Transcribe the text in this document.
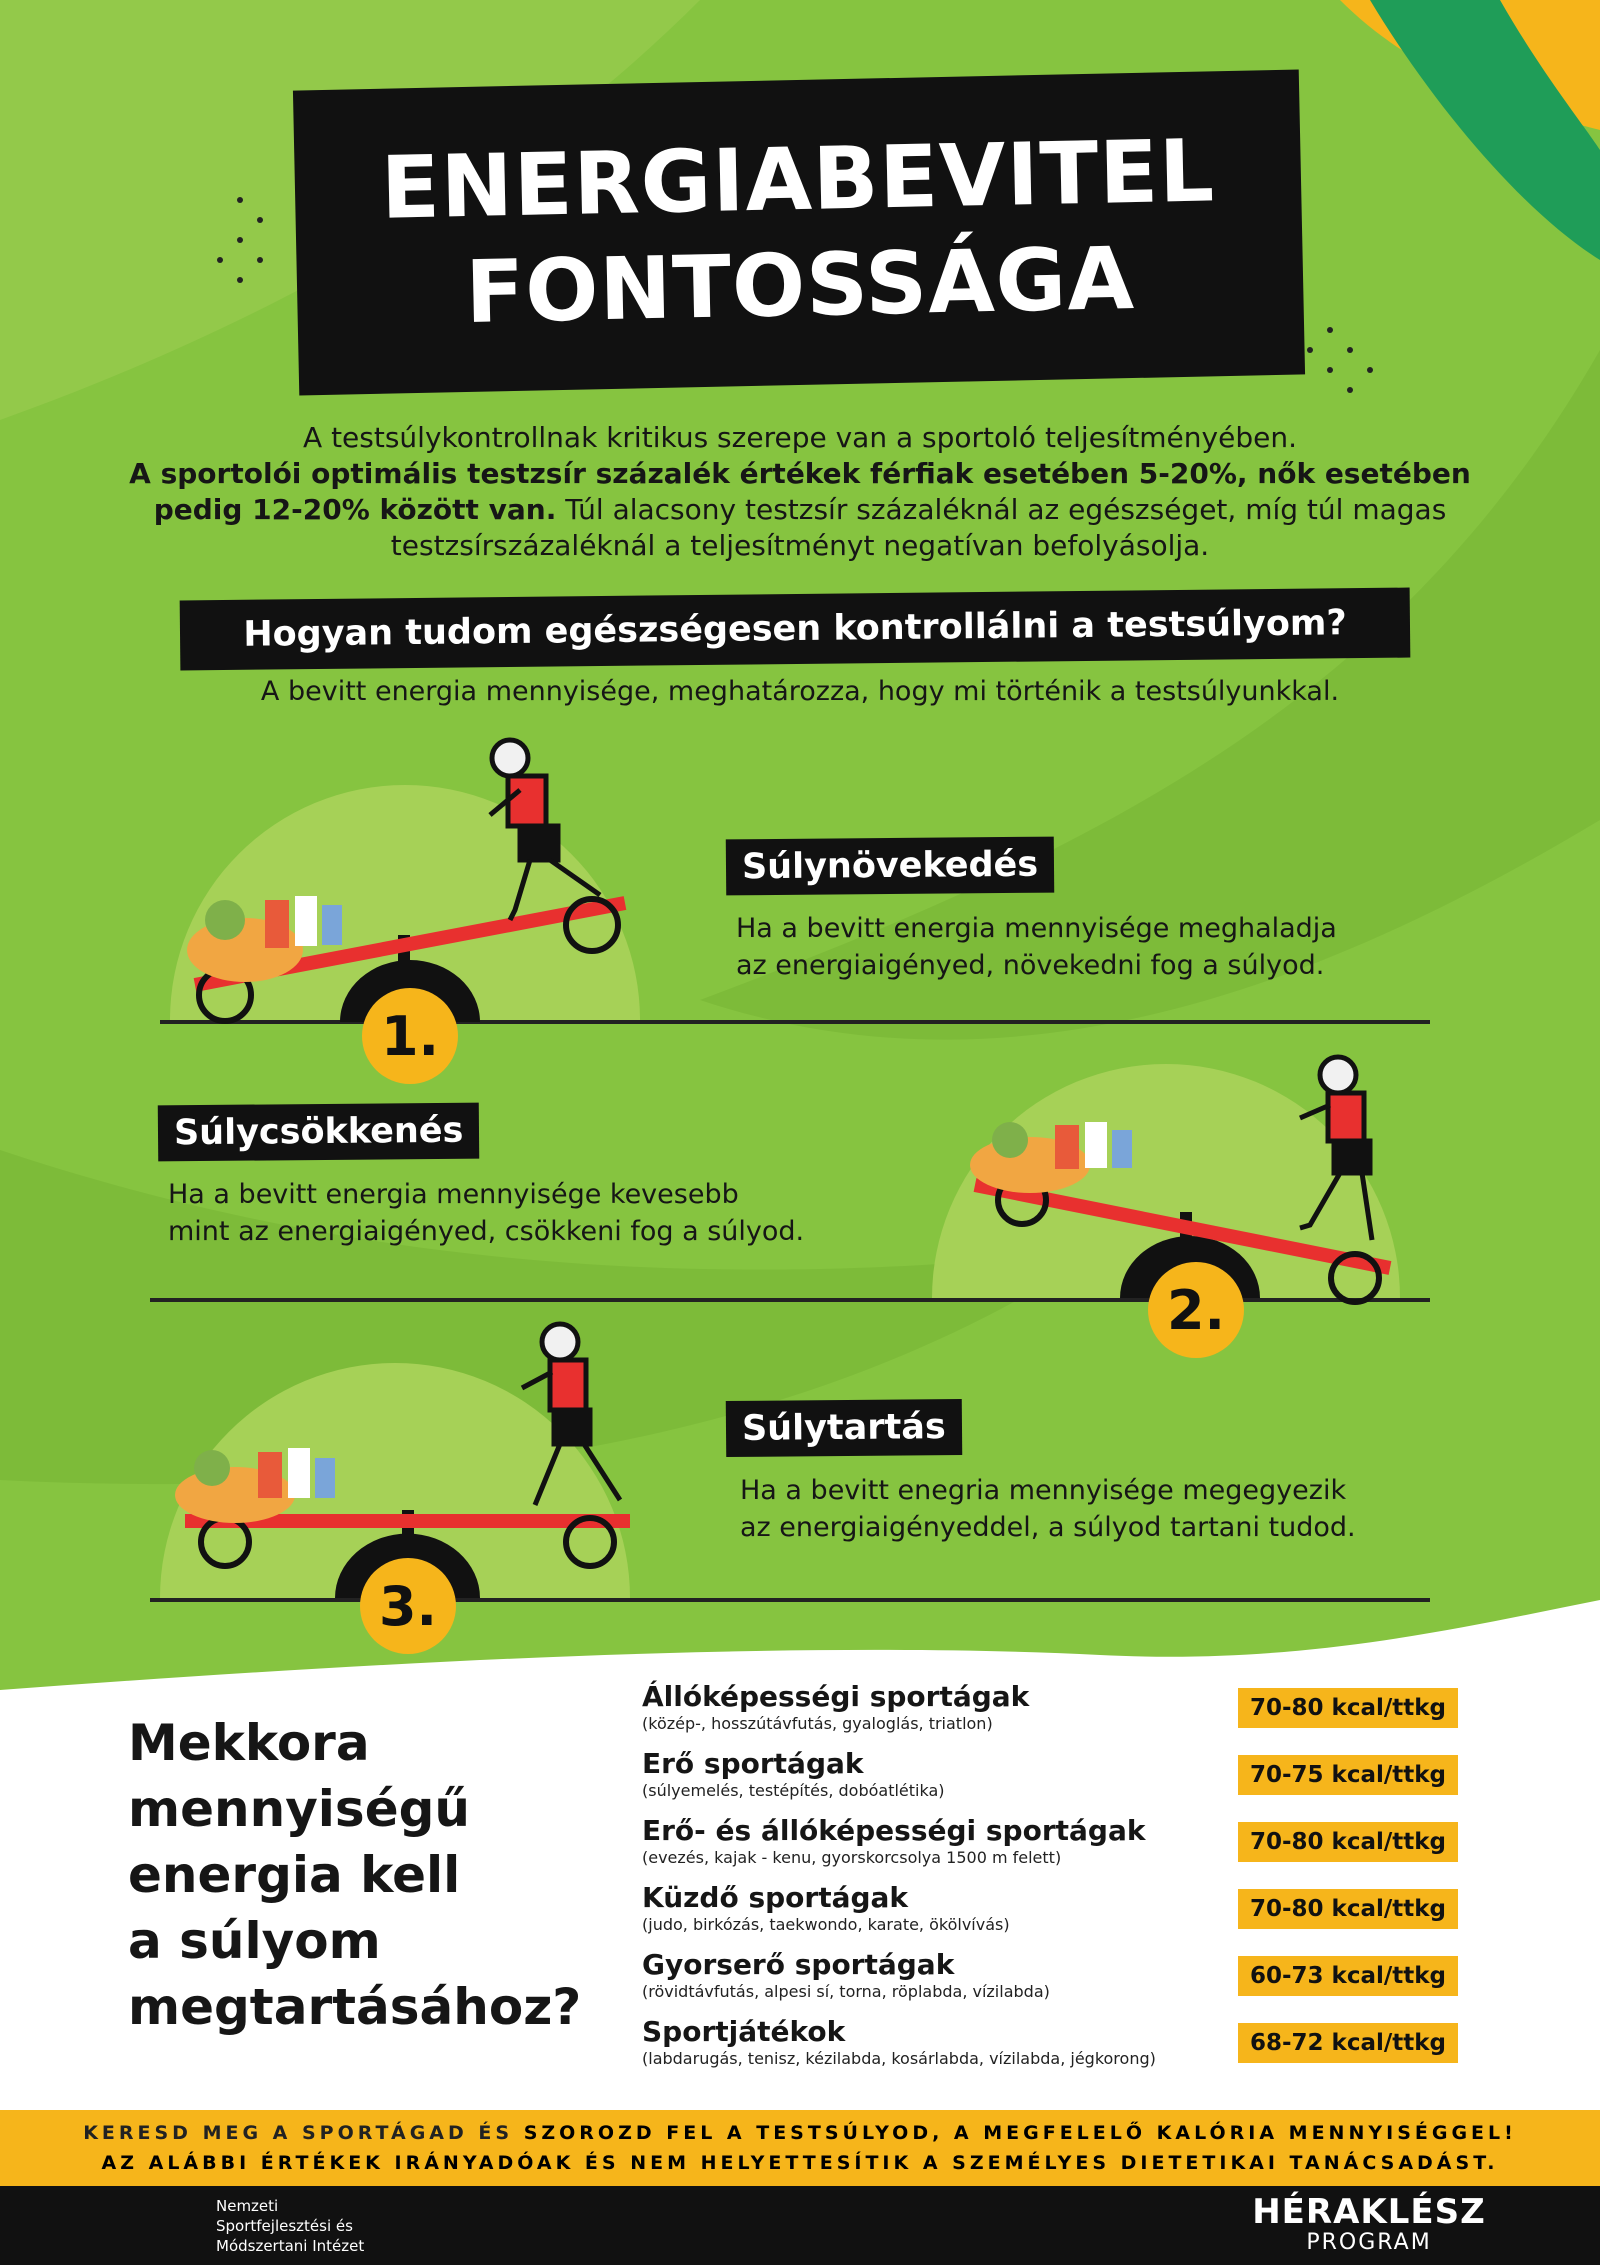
ENERGIABEVITEL
FONTOSSÁGA
A testsúlykontrollnak kritikus szerepe van a sportoló teljesítményében.
A sportolói optimális testzsír százalék értékek férfiak esetében 5-20%, nők esetében
pedig 12-20% között van. Túl alacsony testzsír százaléknál az egészséget, míg túl magas
testzsírszázaléknál a teljesítményt negatívan befolyásolja.
Hogyan tudom egészségesen kontrollálni a testsúlyom?
A bevitt energia mennyisége, meghatározza, hogy mi történik a testsúlyunkkal.
Súlynövekedés
Ha a bevitt energia mennyisége meghaladja
az energiaigényed, növekedni fog a súlyod.
1.
Súlycsökkenés
Ha a bevitt energia mennyisége kevesebb
mint az energiaigényed, csökkeni fog a súlyod.
2.
Súlytartás
Ha a bevitt enegria mennyisége megegyezik
az energiaigényeddel, a súlyod tartani tudod.
3.
Mekkora
mennyiségű
energia kell
a súlyom
megtartásához?
Állóképességi sportágak
(közép-, hosszútávfutás, gyaloglás, triatlon)
70-80 kcal/ttkg
Erő sportágak
(súlyemelés, testépítés, dobóatlétika)
70-75 kcal/ttkg
Erő- és állóképességi sportágak
(evezés, kajak - kenu, gyorskorcsolya 1500 m felett)
70-80 kcal/ttkg
Küzdő sportágak
(judo, birkózás, taekwondo, karate, ökölvívás)
70-80 kcal/ttkg
Gyorserő sportágak
(rövidtávfutás, alpesi sí, torna, röplabda, vízilabda)
60-73 kcal/ttkg
Sportjátékok
(labdarugás, tenisz, kézilabda, kosárlabda, vízilabda, jégkorong)
68-72 kcal/ttkg
KERESD MEG A SPORTÁGAD ÉS SZOROZD FEL A TESTSÚLYOD, A MEGFELELŐ KALÓRIA MENNYISÉGGEL!
AZ ALÁBBI ÉRTÉKEK IRÁNYADÓAK ÉS NEM HELYETTESÍTIK A SZEMÉLYES DIETETIKAI TANÁCSADÁST.
Nemzeti
Sportfejlesztési és
Módszertani Intézet
HÉRAKLÉSZ
PROGRAM
